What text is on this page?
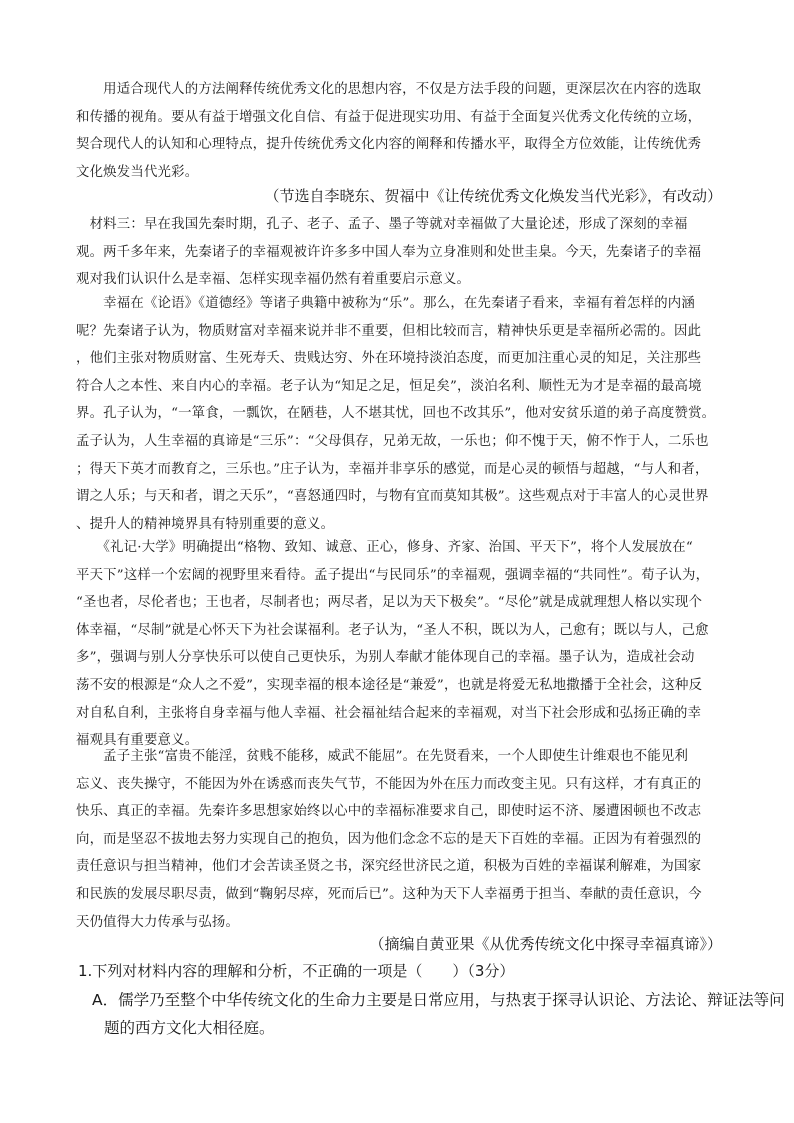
　　用适合现代人的方法阐释传统优秀文化的思想内容，不仅是方法手段的问题，更深层次在内容的选取
和传播的视角。要从有益于增强文化自信、有益于促进现实功用、有益于全面复兴优秀文化传统的立场，
契合现代人的认知和心理特点，提升传统优秀文化内容的阐释和传播水平，取得全方位效能，让传统优秀
文化焕发当代光彩。

（节选自李晓东、贺福中《让传统优秀文化焕发当代光彩》，有改动）

　材料三：早在我国先秦时期，孔子、老子、孟子、墨子等就对幸福做了大量论述，形成了深刻的幸福
观。两千多年来，先秦诸子的幸福观被许许多多中国人奉为立身准则和处世圭臬。今天，先秦诸子的幸福
观对我们认识什么是幸福、怎样实现幸福仍然有着重要启示意义。
　　幸福在《论语》《道德经》等诸子典籍中被称为“乐”。那么，在先秦诸子看来，幸福有着怎样的内涵
呢？先秦诸子认为，物质财富对幸福来说并非不重要，但相比较而言，精神快乐更是幸福所必需的。因此
，他们主张对物质财富、生死寿夭、贵贱达穷、外在环境持淡泊态度，而更加注重心灵的知足，关注那些
符合人之本性、来自内心的幸福。老子认为“知足之足，恒足矣”，淡泊名利、顺性无为才是幸福的最高境
界。孔子认为，“一箪食，一瓢饮，在陋巷，人不堪其忧，回也不改其乐”，他对安贫乐道的弟子高度赞赏。
孟子认为，人生幸福的真谛是“三乐”：“父母俱存，兄弟无故，一乐也；仰不愧于天，俯不怍于人，二乐也
；得天下英才而教育之，三乐也。”庄子认为，幸福并非享乐的感觉，而是心灵的顿悟与超越，“与人和者，
谓之人乐；与天和者，谓之天乐”，“喜怒通四时，与物有宜而莫知其极”。这些观点对于丰富人的心灵世界
、提升人的精神境界具有特别重要的意义。
　　《礼记·大学》明确提出“格物、致知、诚意、正心，修身、齐家、治国、平天下”，将个人发展放在“
平天下”这样一个宏阔的视野里来看待。孟子提出“与民同乐”的幸福观，强调幸福的“共同性”。荀子认为，
“圣也者，尽伦者也；王也者，尽制者也；两尽者，足以为天下极矣”。“尽伦”就是成就理想人格以实现个
体幸福，“尽制”就是心怀天下为社会谋福利。老子认为，“圣人不积，既以为人，己愈有；既以与人，己愈
多”，强调与别人分享快乐可以使自己更快乐，为别人奉献才能体现自己的幸福。墨子认为，造成社会动
荡不安的根源是“众人之不爱”，实现幸福的根本途径是“兼爱”，也就是将爱无私地撒播于全社会，这种反
对自私自利，主张将自身幸福与他人幸福、社会福祉结合起来的幸福观，对当下社会形成和弘扬正确的幸
福观具有重要意义。
　　孟子主张“富贵不能淫，贫贱不能移，威武不能屈”。在先贤看来，一个人即使生计维艰也不能见利
忘义、丧失操守，不能因为外在诱惑而丧失气节，不能因为外在压力而改变主见。只有这样，才有真正的
快乐、真正的幸福。先秦许多思想家始终以心中的幸福标准要求自己，即使时运不济、屡遭困顿也不改志
向，而是坚忍不拔地去努力实现自己的抱负，因为他们念念不忘的是天下百姓的幸福。正因为有着强烈的
责任意识与担当精神，他们才会苦读圣贤之书，深究经世济民之道，积极为百姓的幸福谋利解难，为国家
和民族的发展尽职尽责，做到“鞠躬尽瘁，死而后已”。这种为天下人幸福勇于担当、奉献的责任意识，今
天仍值得大力传承与弘扬。

（摘编自黄亚果《从优秀传统文化中探寻幸福真谛》）

1.下列对材料内容的理解和分析，不正确的一项是（　　）（3分）

A．儒学乃至整个中华传统文化的生命力主要是日常应用，与热衷于探寻认识论、方法论、辩证法等问
题的西方文化大相径庭。
